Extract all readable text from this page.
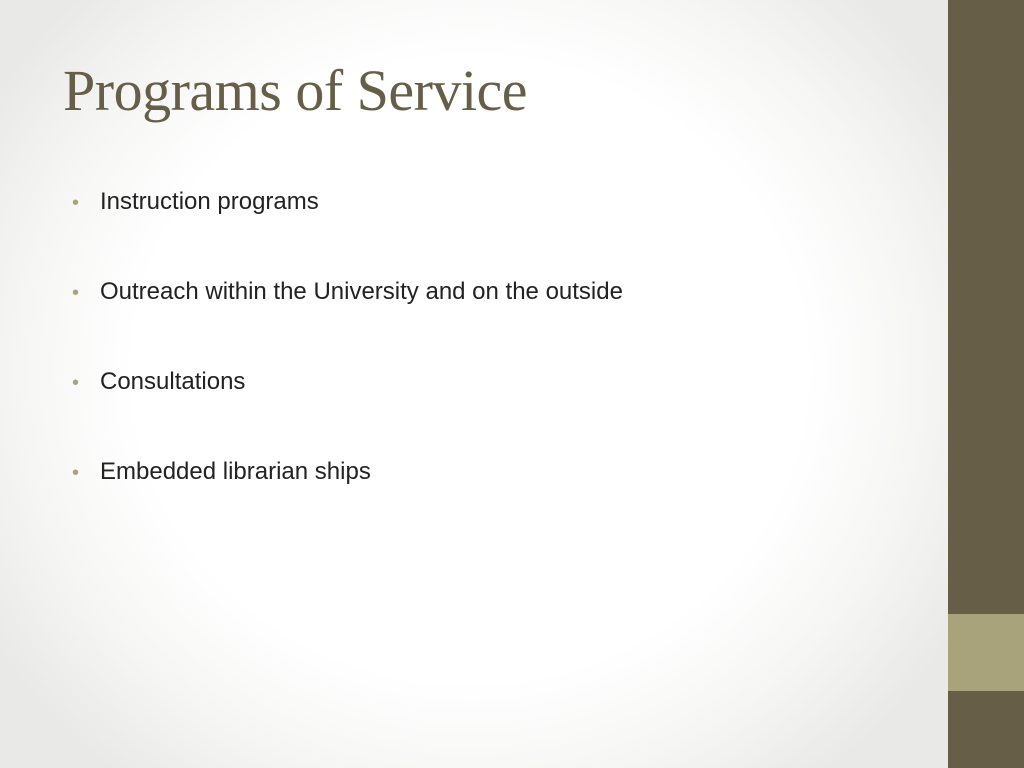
Programs of Service
• Instruction programs
• Outreach within the University and on the outside
• Consultations
• Embedded librarian ships
